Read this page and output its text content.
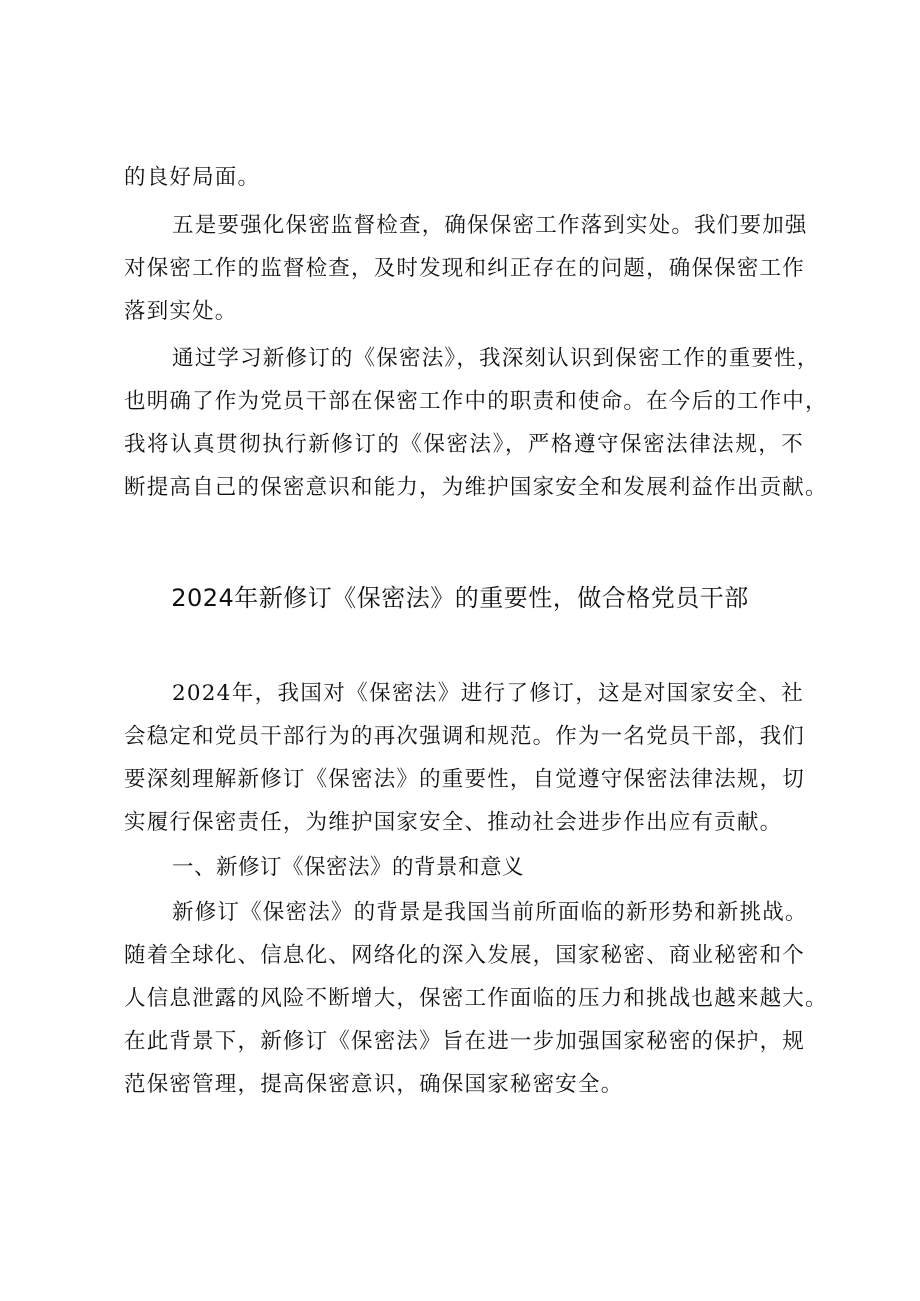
的良好局面。
五是要强化保密监督检查，确保保密工作落到实处。我们要加强
对保密工作的监督检查，及时发现和纠正存在的问题，确保保密工作
落到实处。
通过学习新修订的《保密法》，我深刻认识到保密工作的重要性，
也明确了作为党员干部在保密工作中的职责和使命。在今后的工作中，
我将认真贯彻执行新修订的《保密法》，严格遵守保密法律法规，不
断提高自己的保密意识和能力，为维护国家安全和发展利益作出贡献。
2024年新修订《保密法》的重要性，做合格党员干部
2024年，我国对《保密法》进行了修订，这是对国家安全、社
会稳定和党员干部行为的再次强调和规范。作为一名党员干部，我们
要深刻理解新修订《保密法》的重要性，自觉遵守保密法律法规，切
实履行保密责任，为维护国家安全、推动社会进步作出应有贡献。
一、新修订《保密法》的背景和意义
新修订《保密法》的背景是我国当前所面临的新形势和新挑战。
随着全球化、信息化、网络化的深入发展，国家秘密、商业秘密和个
人信息泄露的风险不断增大，保密工作面临的压力和挑战也越来越大。
在此背景下，新修订《保密法》旨在进一步加强国家秘密的保护，规
范保密管理，提高保密意识，确保国家秘密安全。
